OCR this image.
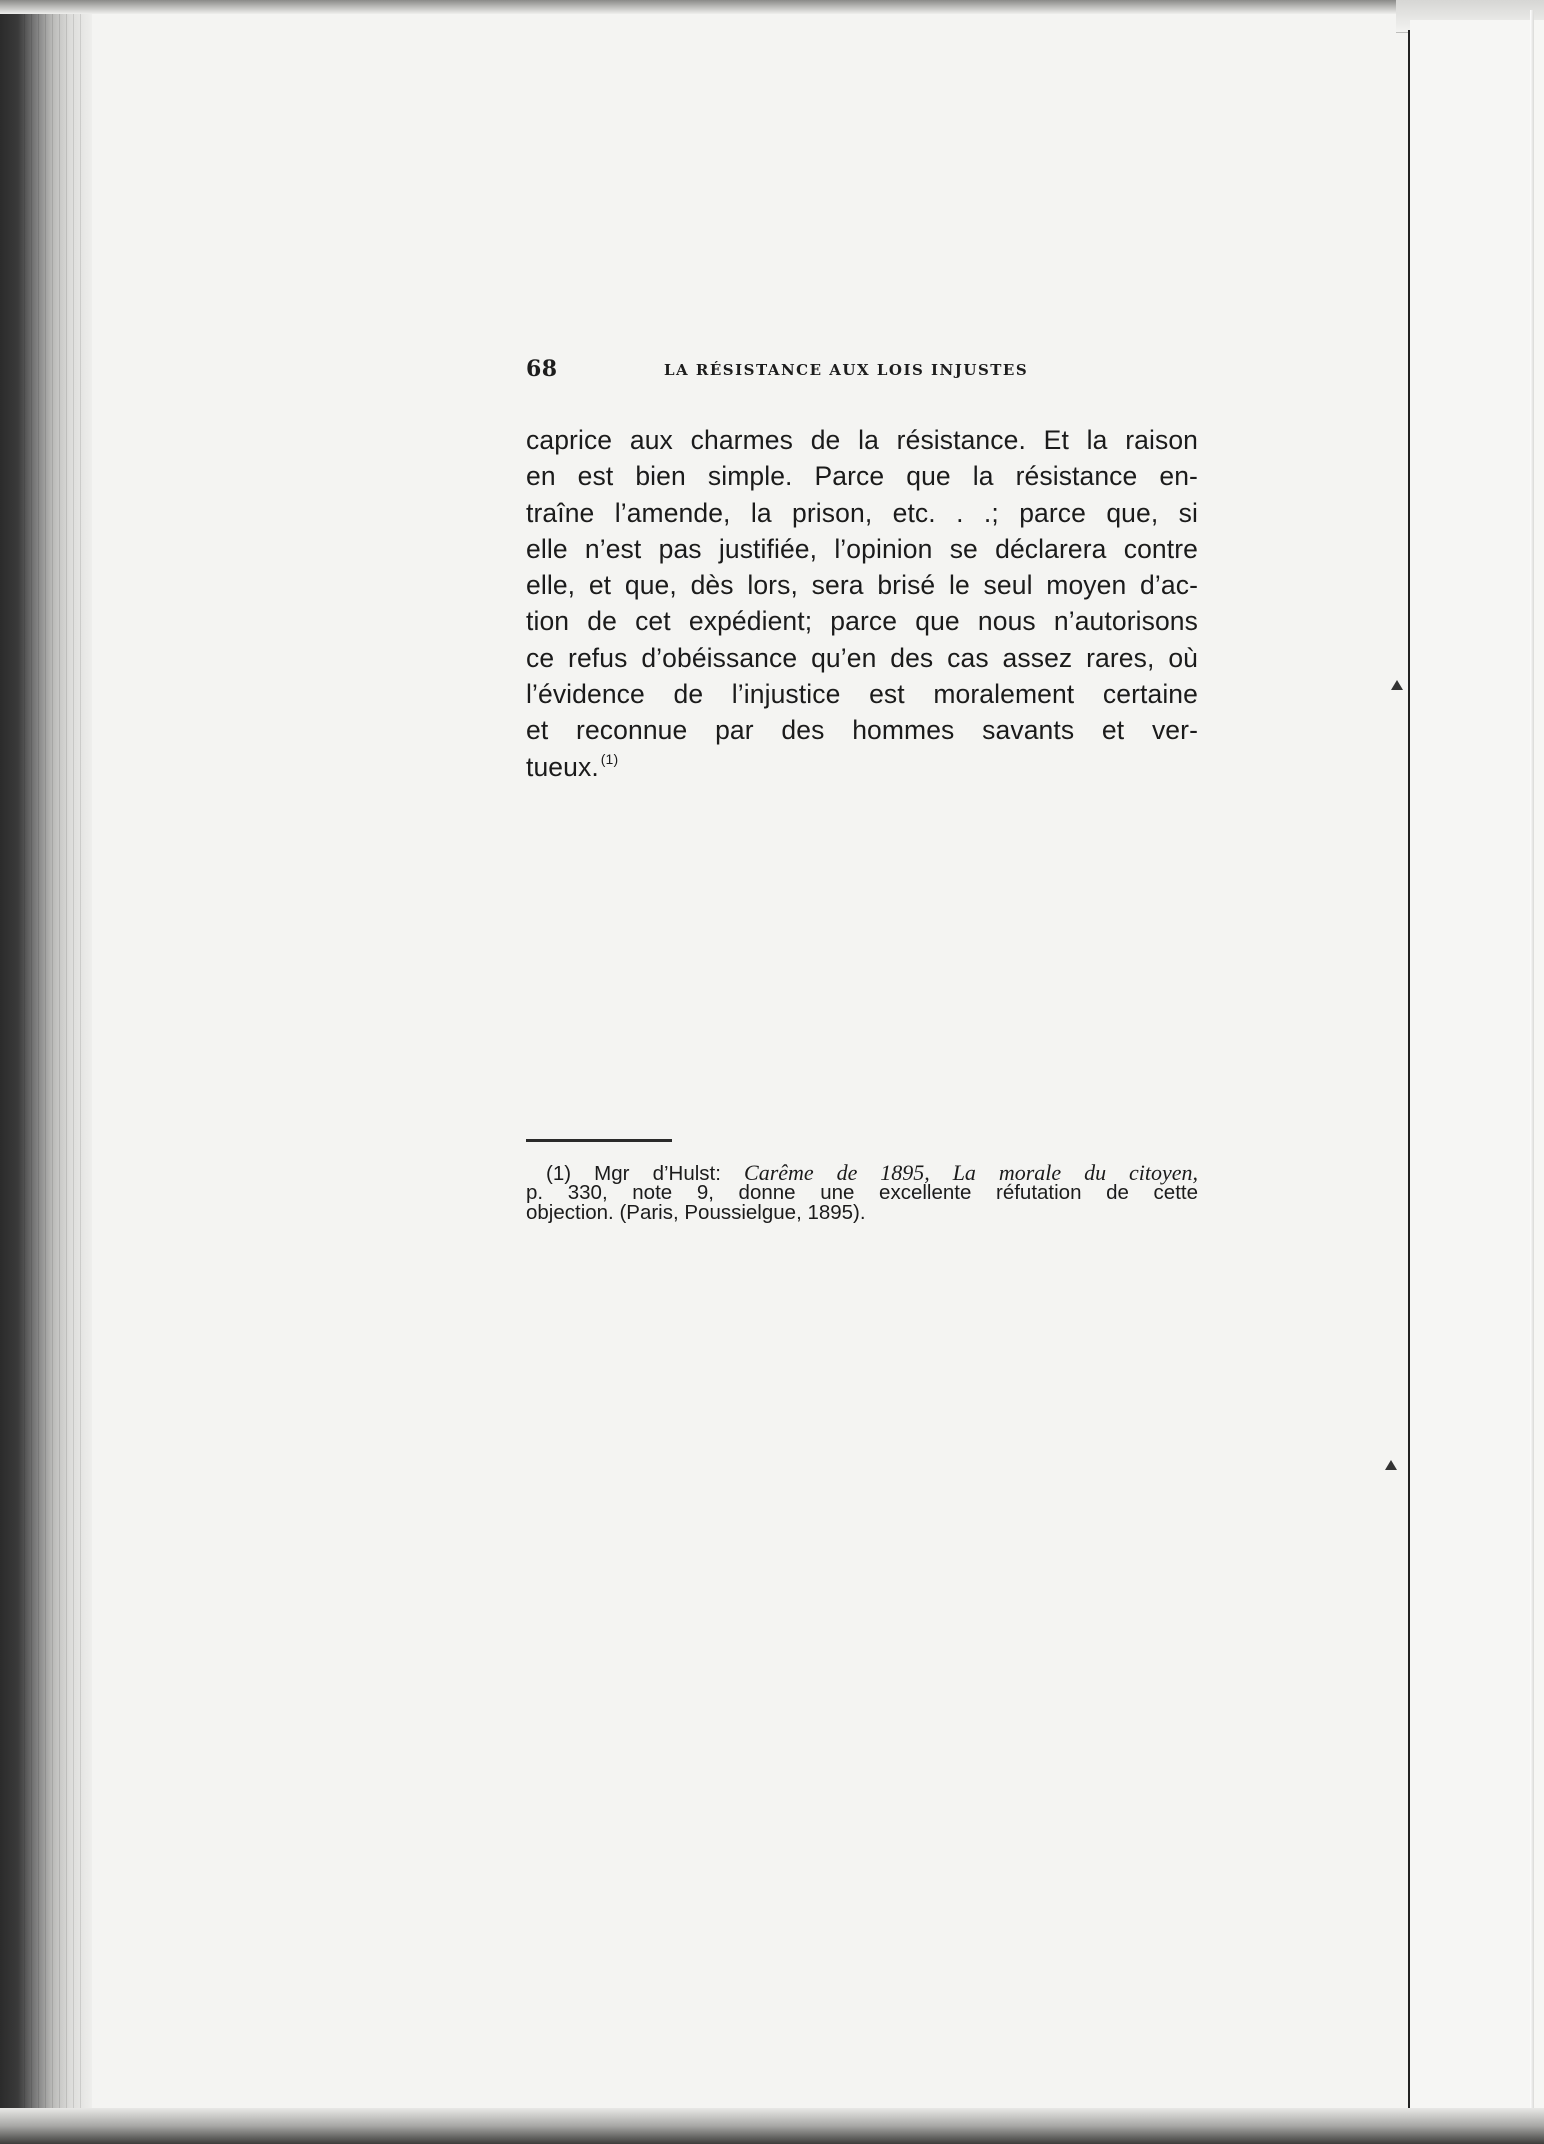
68	LA RÉSISTANCE AUX LOIS INJUSTES
caprice aux charmes de la résistance. Et la raison
en est bien simple. Parce que la résistance en-
traîne l’amende, la prison, etc. . .; parce que, si
elle n’est pas justifiée, l’opinion se déclarera contre
elle, et que, dès lors, sera brisé le seul moyen d’ac-
tion de cet expédient; parce que nous n’autorisons
ce refus d’obéissance qu’en des cas assez rares, où
l’évidence de l’injustice est moralement certaine
et reconnue par des hommes savants et ver-
tueux. $^{(1)}$
(1) Mgr d’Hulst: Carême de 1895, La morale du citoyen,
p. 330, note 9, donne une excellente réfutation de cette
objection. (Paris, Poussielgue, 1895).
